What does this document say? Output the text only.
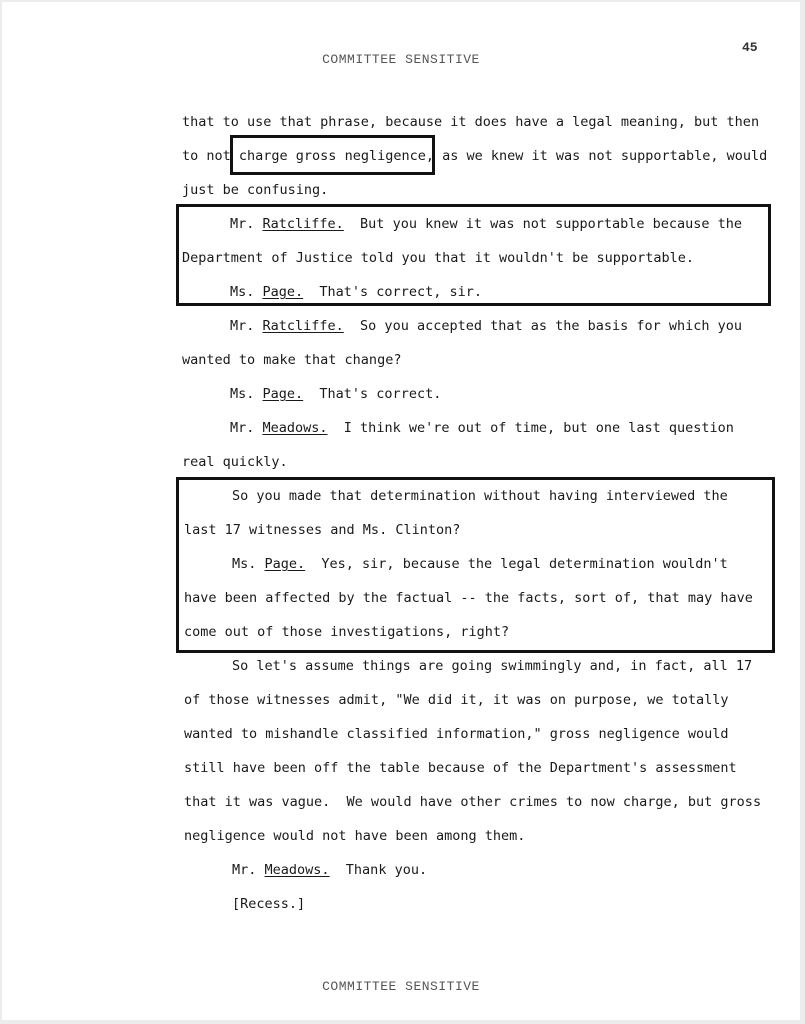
COMMITTEE SENSITIVE
45
that to use that phrase, because it does have a legal meaning, but then
to not charge gross negligence, as we knew it was not supportable, would
just be confusing.
Mr. Ratcliffe.  But you knew it was not supportable because the
Department of Justice told you that it wouldn't be supportable.
Ms. Page.  That's correct, sir.
Mr. Ratcliffe.  So you accepted that as the basis for which you
wanted to make that change?
Ms. Page.  That's correct.
Mr. Meadows.  I think we're out of time, but one last question
real quickly.
So you made that determination without having interviewed the
last 17 witnesses and Ms. Clinton?
Ms. Page.  Yes, sir, because the legal determination wouldn't
have been affected by the factual -- the facts, sort of, that may have
come out of those investigations, right?
So let's assume things are going swimmingly and, in fact, all 17
of those witnesses admit, "We did it, it was on purpose, we totally
wanted to mishandle classified information," gross negligence would
still have been off the table because of the Department's assessment
that it was vague.  We would have other crimes to now charge, but gross
negligence would not have been among them.
Mr. Meadows.  Thank you.
[Recess.]
COMMITTEE SENSITIVE
